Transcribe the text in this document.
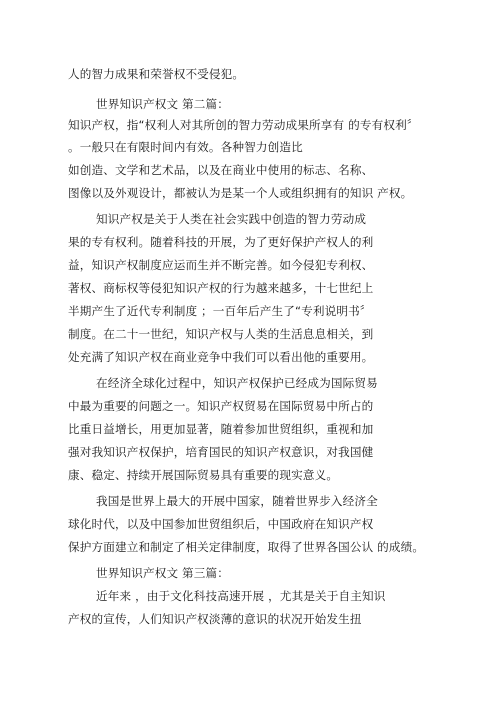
人的智力成果和荣誉权不受侵犯。
世界知识产权文 第二篇：
知识产权，指“权利人对其所创的智力劳动成果所享有 的专有权利〞
。一般只在有限时间内有效。各种智力创造比
如创造、文学和艺术品，以及在商业中使用的标志、名称、
图像以及外观设计，都被认为是某一个人或组织拥有的知识 产权。
知识产权是关于人类在社会实践中创造的智力劳动成
果的专有权利。随着科技的开展，为了更好保护产权人的利
益，知识产权制度应运而生并不断完善。如今侵犯专利权、
著权、商标权等侵犯知识产权的行为越来越多，十七世纪上
半期产生了近代专利制度 ；一百年后产生了“专利说明书〞
制度。在二十一世纪，知识产权与人类的生活息息相关，到
处充满了知识产权在商业竞争中我们可以看出他的重要用。
在经济全球化过程中，知识产权保护已经成为国际贸易
中最为重要的问题之一。知识产权贸易在国际贸易中所占的
比重日益增长，用更加显著，随着参加世贸组织，重视和加
强对我知识产权保护，培育国民的知识产权意识，对我国健
康、稳定、持续开展国际贸易具有重要的现实意义。
我国是世界上最大的开展中国家，随着世界步入经济全
球化时代，以及中国参加世贸组织后，中国政府在知识产权
保护方面建立和制定了相关定律制度，取得了世界各国公认 的成绩。
世界知识产权文 第三篇：
近年来 ，由于文化科技高速开展 ，尤其是关于自主知识
产权的宣传，人们知识产权淡薄的意识的状况开始发生扭
